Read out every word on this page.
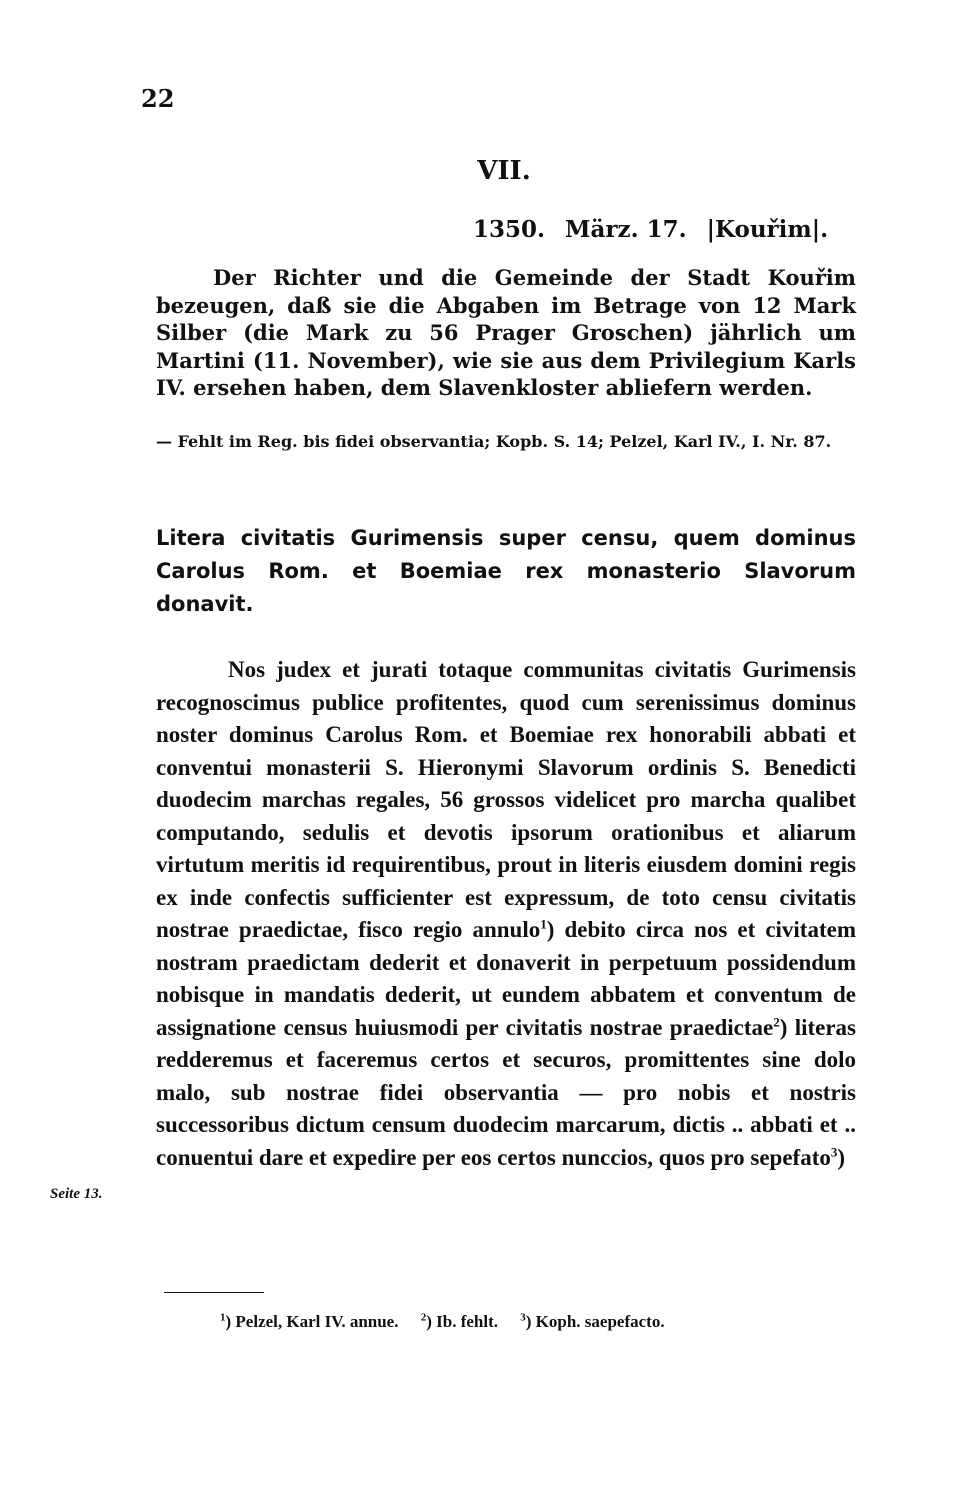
22
VII.
1350. März. 17. |Kouřim|.

Der Richter und die Gemeinde der Stadt Kouřim bezeugen, daß sie die Abgaben im Betrage von 12 Mark Silber (die Mark zu 56 Prager Groschen) jährlich um Martini (11. November), wie sie aus dem Privilegium Karls IV. ersehen haben, dem Slavenkloster abliefern werden.

— Fehlt im Reg. bis fidei observantia; Kopb. S. 14; Pelzel, Karl IV., I. Nr. 87.

Litera civitatis Gurimensis super censu, quem dominus Carolus Rom. et Boemiae rex monasterio Slavorum donavit.

Nos judex et jurati totaque communitas civitatis Gurimensis recognoscimus publice profitentes, quod cum serenissimus dominus noster dominus Carolus Rom. et Boemiae rex honorabili abbati et conventui monasterii S. Hieronymi Slavorum ordinis S. Benedicti duodecim marchas regales, 56 grossos videlicet pro marcha qualibet computando, sedulis et devotis ipsorum orationibus et aliarum virtutum meritis id requirentibus, prout in literis eiusdem domini regis ex inde confectis sufficienter est expressum, de toto censu civitatis nostrae praedictae, fisco regio annulo$^1$) debito circa nos et civitatem nostram praedictam dederit et donaverit in perpetuum possidendum nobisque in mandatis dederit, ut eundem abbatem et conventum de assignatione census huiusmodi per civitatis nostrae praedictae$^2$) literas redderemus et faceremus certos et securos, promittentes sine dolo malo, sub nostrae fidei observantia — pro nobis et nostris successoribus dictum censum duodecim marcarum, dictis .. abbati et .. conuentui dare et expedire per eos certos nunccios, quos pro sepefato$^3$)

Seite 13.
$^1$) Pelzel, Karl IV. annue. $^2$) Ib. fehlt. $^3$) Koph. saepefacto.
